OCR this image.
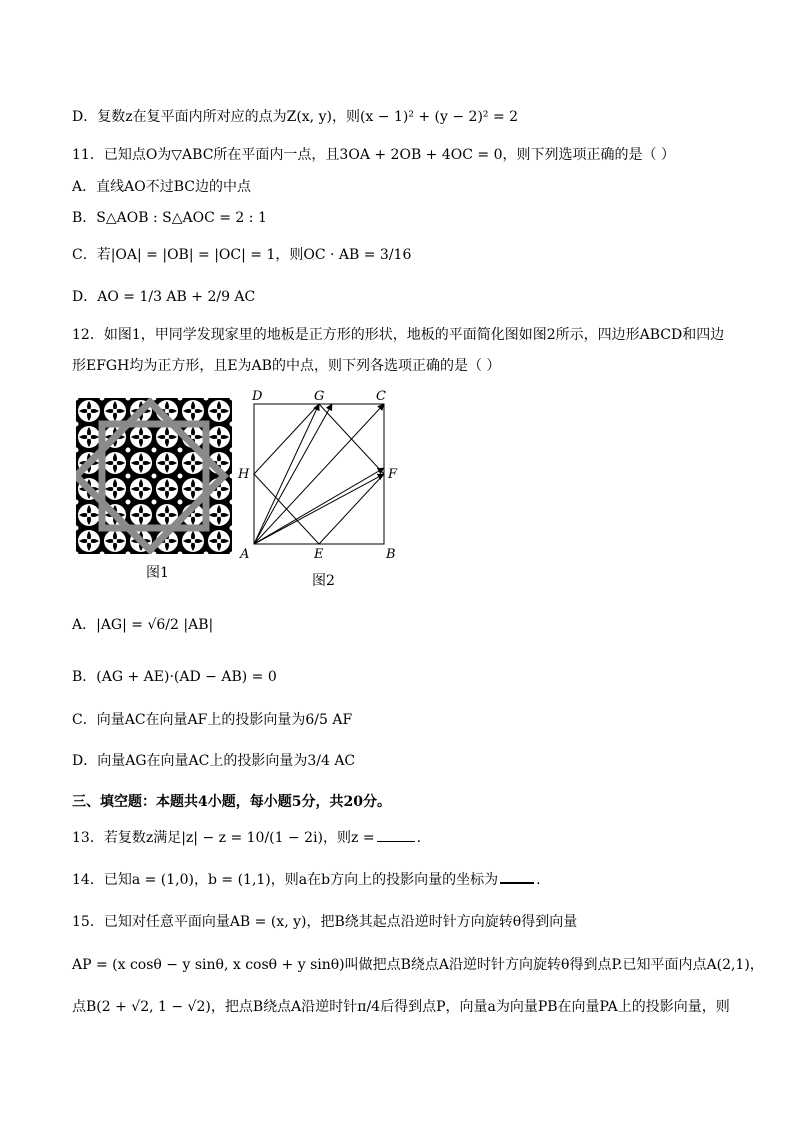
D．复数z在复平面内所对应的点为Z(x, y)，则(x − 1)² + (y − 2)² = 2
11．已知点O为▽ABC所在平面内一点，且3OA + 2OB + 4OC = 0，则下列选项正确的是（ ）
A．直线AO不过BC边的中点
B．S△AOB : S△AOC = 2 : 1
C．若|OA| = |OB| = |OC| = 1，则OC · AB = 3/16
D．AO = 1/3 AB + 2/9 AC
12．如图1，甲同学发现家里的地板是正方形的形状，地板的平面简化图如图2所示，四边形ABCD和四边
形EFGH均为正方形，且E为AB的中点，则下列各选项正确的是（ ）
图1
A	B
C
D
E
F
G
H
图2
A．|AG| = √6/2 |AB|
B．(AG + AE)·(AD − AB) = 0
C．向量AC在向量AF上的投影向量为6/5 AF
D．向量AG在向量AC上的投影向量为3/4 AC
三、填空题：本题共4小题，每小题5分，共20分。
13．若复数z满足|z| − z = 10/(1 − 2i)，则z =	.
14．已知a = (1,0)，b = (1,1)，则a在b方向上的投影向量的坐标为	.
15．已知对任意平面向量AB = (x, y)，把B绕其起点沿逆时针方向旋转θ得到向量
AP = (x cosθ − y sinθ, x cosθ + y sinθ)叫做把点B绕点A沿逆时针方向旋转θ得到点P.已知平面内点A(2,1)，
点B(2 + √2, 1 − √2)，把点B绕点A沿逆时针π/4后得到点P，向量a为向量PB在向量PA上的投影向量，则
